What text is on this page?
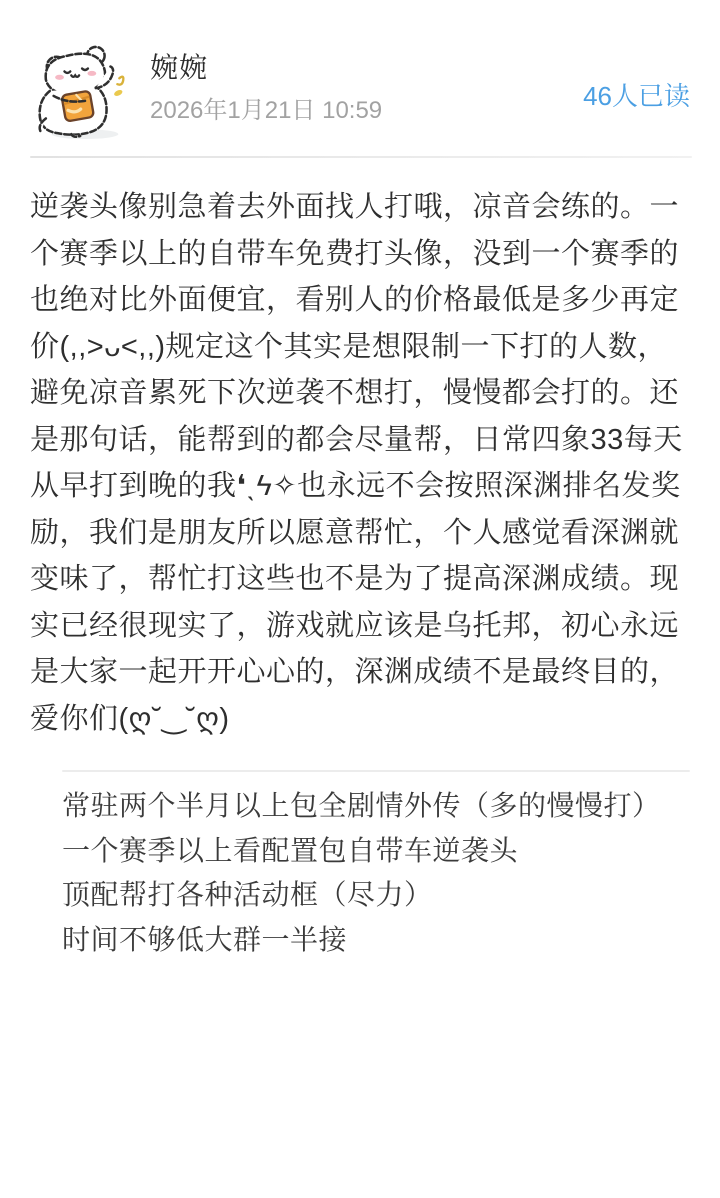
婉婉
2026年1月21日 10:59	46人已读
逆袭头像别急着去外面找人打哦，凉音会练的。一个赛季以上的自带车免费打头像，没到一个赛季的也绝对比外面便宜，看别人的价格最低是多少再定价(,,>ᴗ<,,)规定这个其实是想限制一下打的人数，避免凉音累死下次逆袭不想打，慢慢都会打的。还是那句话，能帮到的都会尽量帮，日常四象33每天从早打到晚的我❛ˎϟ✧也永远不会按照深渊排名发奖励，我们是朋友所以愿意帮忙，个人感觉看深渊就变味了，帮忙打这些也不是为了提高深渊成绩。现实已经很现实了，游戏就应该是乌托邦，初心永远是大家一起开开心心的，深渊成绩不是最终目的，爱你们(ღ˘‿˘ღ)
常驻两个半月以上包全剧情外传（多的慢慢打）
一个赛季以上看配置包自带车逆袭头
顶配帮打各种活动框（尽力）
时间不够低大群一半接
